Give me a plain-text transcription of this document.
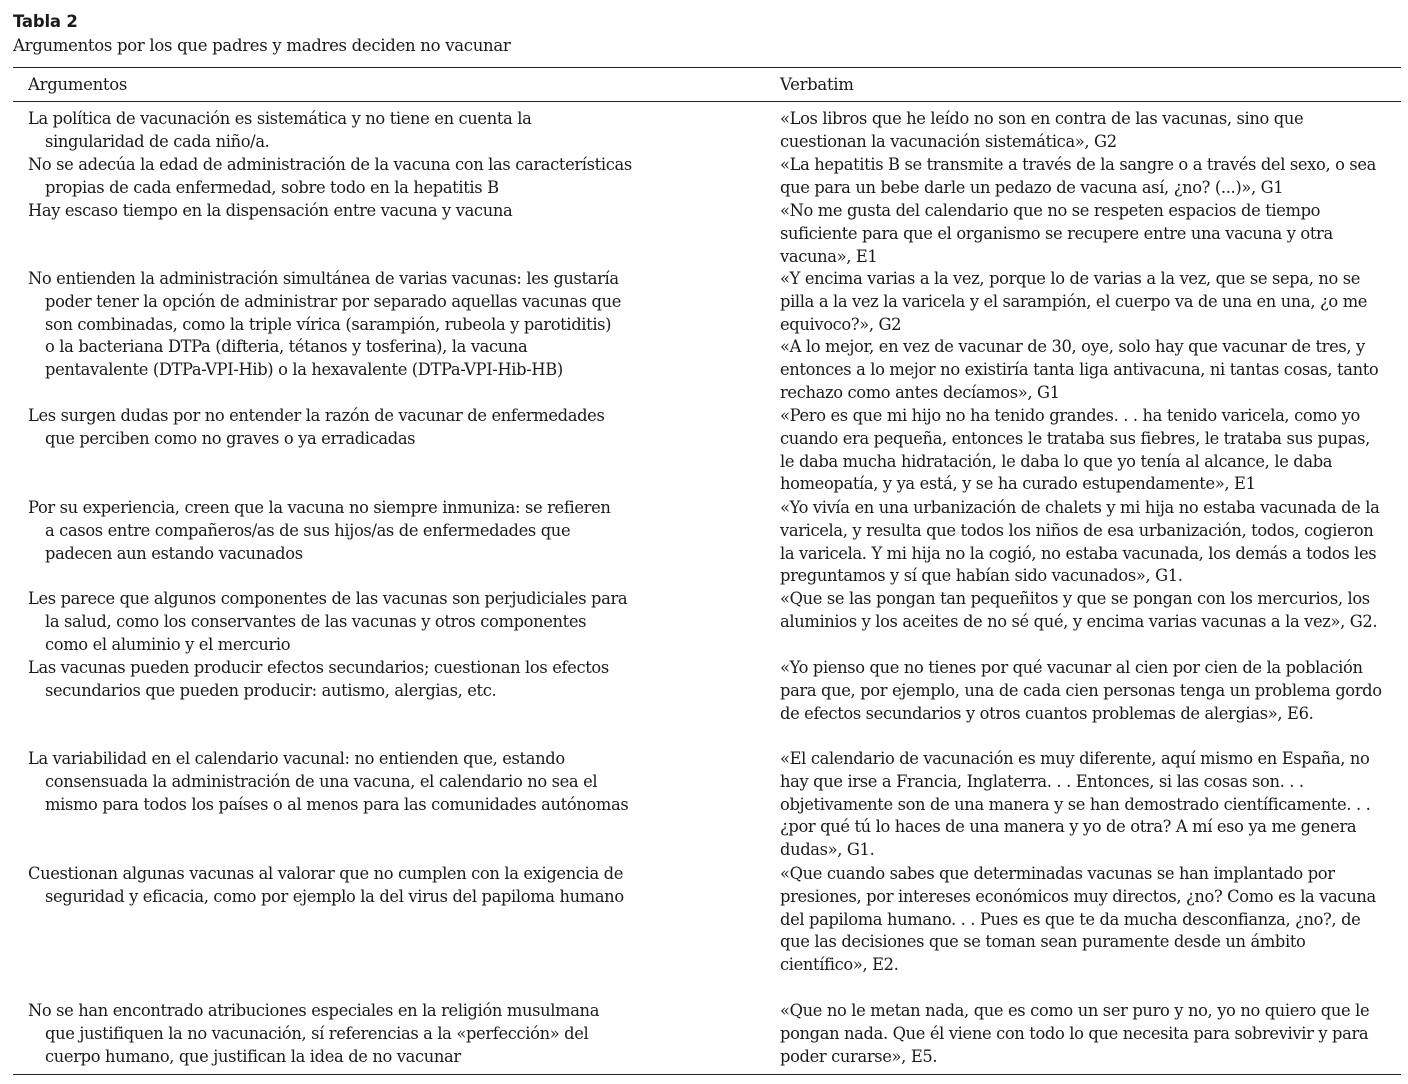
Tabla 2
Argumentos por los que padres y madres deciden no vacunar
Argumentos	Verbatim
La política de vacunación es sistemática y no tiene en cuenta la
singularidad de cada niño/a.
«Los libros que he leído no son en contra de las vacunas, sino que
cuestionan la vacunación sistemática», G2
No se adecúa la edad de administración de la vacuna con las características
propias de cada enfermedad, sobre todo en la hepatitis B
«La hepatitis B se transmite a través de la sangre o a través del sexo, o sea
que para un bebe darle un pedazo de vacuna así, ¿no? (...)», G1
Hay escaso tiempo en la dispensación entre vacuna y vacuna	«No me gusta del calendario que no se respeten espacios de tiempo
suficiente para que el organismo se recupere entre una vacuna y otra
vacuna», E1
No entienden la administración simultánea de varias vacunas: les gustaría
poder tener la opción de administrar por separado aquellas vacunas que
son combinadas, como la triple vírica (sarampión, rubeola y parotiditis)
o la bacteriana DTPa (difteria, tétanos y tosferina), la vacuna
pentavalente (DTPa-VPI-Hib) o la hexavalente (DTPa-VPI-Hib-HB)
«Y encima varias a la vez, porque lo de varias a la vez, que se sepa, no se
pilla a la vez la varicela y el sarampión, el cuerpo va de una en una, ¿o me
equivoco?», G2
«A lo mejor, en vez de vacunar de 30, oye, solo hay que vacunar de tres, y
entonces a lo mejor no existiría tanta liga antivacuna, ni tantas cosas, tanto
rechazo como antes decíamos», G1
Les surgen dudas por no entender la razón de vacunar de enfermedades
que perciben como no graves o ya erradicadas
«Pero es que mi hijo no ha tenido grandes. . . ha tenido varicela, como yo
cuando era pequeña, entonces le trataba sus fiebres, le trataba sus pupas,
le daba mucha hidratación, le daba lo que yo tenía al alcance, le daba
homeopatía, y ya está, y se ha curado estupendamente», E1
Por su experiencia, creen que la vacuna no siempre inmuniza: se refieren
a casos entre compañeros/as de sus hijos/as de enfermedades que
padecen aun estando vacunados
«Yo vivía en una urbanización de chalets y mi hija no estaba vacunada de la
varicela, y resulta que todos los niños de esa urbanización, todos, cogieron
la varicela. Y mi hija no la cogió, no estaba vacunada, los demás a todos les
preguntamos y sí que habían sido vacunados», G1.
Les parece que algunos componentes de las vacunas son perjudiciales para
la salud, como los conservantes de las vacunas y otros componentes
como el aluminio y el mercurio
«Que se las pongan tan pequeñitos y que se pongan con los mercurios, los
aluminios y los aceites de no sé qué, y encima varias vacunas a la vez», G2.
Las vacunas pueden producir efectos secundarios; cuestionan los efectos
secundarios que pueden producir: autismo, alergias, etc.
«Yo pienso que no tienes por qué vacunar al cien por cien de la población
para que, por ejemplo, una de cada cien personas tenga un problema gordo
de efectos secundarios y otros cuantos problemas de alergias», E6.
La variabilidad en el calendario vacunal: no entienden que, estando
consensuada la administración de una vacuna, el calendario no sea el
mismo para todos los países o al menos para las comunidades autónomas
«El calendario de vacunación es muy diferente, aquí mismo en España, no
hay que irse a Francia, Inglaterra. . . Entonces, si las cosas son. . .
objetivamente son de una manera y se han demostrado científicamente. . .
¿por qué tú lo haces de una manera y yo de otra? A mí eso ya me genera
dudas», G1.
Cuestionan algunas vacunas al valorar que no cumplen con la exigencia de
seguridad y eficacia, como por ejemplo la del virus del papiloma humano
«Que cuando sabes que determinadas vacunas se han implantado por
presiones, por intereses económicos muy directos, ¿no? Como es la vacuna
del papiloma humano. . . Pues es que te da mucha desconfianza, ¿no?, de
que las decisiones que se toman sean puramente desde un ámbito
científico», E2.
No se han encontrado atribuciones especiales en la religión musulmana
que justifiquen la no vacunación, sí referencias a la «perfección» del
cuerpo humano, que justifican la idea de no vacunar
«Que no le metan nada, que es como un ser puro y no, yo no quiero que le
pongan nada. Que él viene con todo lo que necesita para sobrevivir y para
poder curarse», E5.
